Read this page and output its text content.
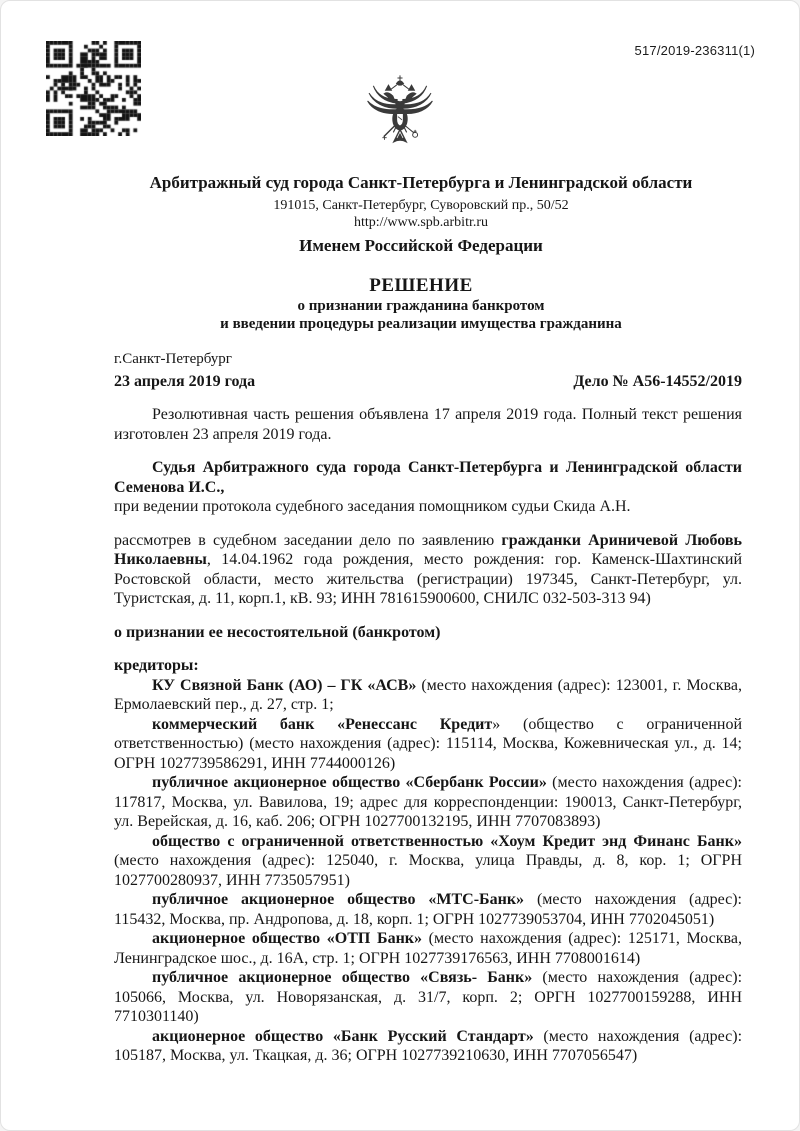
517/2019-236311(1)
Арбитражный суд города Санкт-Петербурга и Ленинградской области
191015, Санкт-Петербург, Суворовский пр., 50/52
http://www.spb.arbitr.ru
Именем Российской Федерации
РЕШЕНИЕ
о признании гражданина банкротом
и введении процедуры реализации имущества гражданина
г.Санкт-Петербург
23 апреля 2019 года	Дело № А56-14552/2019

Резолютивная часть решения объявлена 17 апреля 2019 года. Полный текст решения изготовлен 23 апреля 2019 года.

Судья Арбитражного суда города Санкт-Петербурга и Ленинградской области Семенова И.С.,

при ведении протокола судебного заседания помощником судьи Скида А.Н.

рассмотрев в судебном заседании дело по заявлению гражданки Ариничевой Любовь Николаевны, 14.04.1962 года рождения, место рождения: гор. Каменск-Шахтинский Ростовской области, место жительства (регистрации) 197345, Санкт-Петербург, ул. Туристская, д. 11, корп.1, кВ. 93; ИНН 781615900600, СНИЛС 032-503-313 94)

о признании ее несостоятельной (банкротом)

кредиторы:

КУ Связной Банк (АО) – ГК «АСВ» (место нахождения (адрес): 123001, г. Москва, Ермолаевский пер., д. 27, стр. 1;

коммерческий банк «Ренессанс Кредит» (общество с ограниченной ответственностью) (место нахождения (адрес): 115114, Москва, Кожевническая ул., д. 14; ОГРН 1027739586291, ИНН 7744000126)

публичное акционерное общество «Сбербанк России» (место нахождения (адрес): 117817, Москва, ул. Вавилова, 19; адрес для корреспонденции: 190013, Санкт-Петербург, ул. Верейская, д. 16, каб. 206; ОГРН 1027700132195, ИНН 7707083893)

общество с ограниченной ответственностью «Хоум Кредит энд Финанс Банк» (место нахождения (адрес): 125040, г. Москва, улица Правды, д. 8, кор. 1; ОГРН 1027700280937, ИНН 7735057951)

публичное акционерное общество «МТС-Банк» (место нахождения (адрес): 115432, Москва, пр. Андропова, д. 18, корп. 1; ОГРН 1027739053704, ИНН 7702045051)

акционерное общество «ОТП Банк» (место нахождения (адрес): 125171, Москва, Ленинградское шос., д. 16А, стр. 1; ОГРН 1027739176563, ИНН 7708001614)

публичное акционерное общество «Связь- Банк» (место нахождения (адрес): 105066, Москва, ул. Новорязанская, д. 31/7, корп. 2; ОРГН 1027700159288, ИНН 7710301140)

акционерное общество «Банк Русский Стандарт» (место нахождения (адрес): 105187, Москва, ул. Ткацкая, д. 36; ОГРН 1027739210630, ИНН 7707056547)
